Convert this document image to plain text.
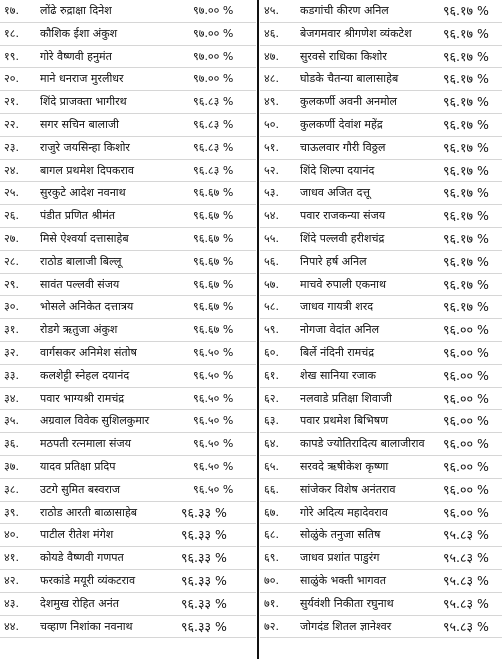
१७. लोंढे रुद्राक्षा दिनेश	९७.०० %
१८. कौशिक ईशा अंकुश	९७.०० %
१९. गोरे वैष्णवी हनुमंत	९७.०० %
२०. माने धनराज मुरलीधर	९७.०० %
२१. शिंदे प्राजक्ता भागीरथ	९६.८३ %
२२. सगर सचिन बालाजी	९६.८३ %
२३. राजुरे जयसिन्हा किशोर	९६.८३ %
२४. बागल प्रथमेश दिपकराव	९६.८३ %
२५. सुरकुटे आदेश नवनाथ	९६.६७ %
२६. पंडीत प्रणित श्रीमंत	९६.६७ %
२७. मिसे ऐश्वर्या दत्तासाहेब	९६.६७ %
२८. राठोड बालाजी बिल्लू	९६.६७ %
२९. सावंत पल्लवी संजय	९६.६७ %
३०. भोसले अनिकेत दत्तात्रय	९६.६७ %
३१. रोडगे ऋतुजा अंकुश	९६.६७ %
३२. वार्गसकर अनिमेश संतोष	९६.५० %
३३. कलशेट्टी स्नेहल दयानंद	९६.५० %
३४. पवार भाग्यश्री रामचंद्र	९६.५० %
३५. अग्रवाल विवेक सुशिलकुमार	९६.५० %
३६. मठपती रत्नमाला संजय	९६.५० %
३७. यादव प्रतिक्षा प्रदिप	९६.५० %
३८. उटगे सुमित बस्वराज	९६.५० %
३९. राठोड आरती बाळासाहेब	९६.३३ %
४०. पाटील रीतेश मंगेश	९६.३३ %
४१. कोयडे वैष्णवी गणपत	९६.३३ %
४२. फरकांडे मयूरी व्यंकटराव	९६.३३ %
४३. देशमुख रोहित अनंत	९६.३३ %
४४. चव्हाण निशांका नवनाथ	९६.३३ %
४५. कडगांची कीरण अनिल	९६.१७ %
४६. बेजगमवार श्रीगणेश व्यंकटेश	९६.१७ %
४७. सुरवसे राधिका किशोर	९६.१७ %
४८. घोडके चैतन्या बालासाहेब	९६.१७ %
४९. कुलकर्णी अवनी अनमोल	९६.१७ %
५०. कुलकर्णी देवांश महेंद्र	९६.१७ %
५१. चाऊलवार गौरी विठ्ठल	९६.१७ %
५२. शिंदे शिल्पा दयानंद	९६.१७ %
५३. जाधव अजित दत्तू	९६.१७ %
५४. पवार राजकन्या संजय	९६.१७ %
५५. शिंदे पल्लवी हरीशचंद्र	९६.१७ %
५६. निपारे हर्ष अनिल	९६.१७ %
५७. माचवे रुपाली एकनाथ	९६.१७ %
५८. जाधव गायत्री शरद	९६.१७ %
५९. नोगजा वेदांत अनिल	९६.०० %
६०. बिर्ले नंदिनी रामचंद्र	९६.०० %
६१. शेख सानिया रजाक	९६.०० %
६२. नलवाडे प्रतिक्षा शिवाजी	९६.०० %
६३. पवार प्रथमेश बिभिषण	९६.०० %
६४. कापडे ज्योतिरादित्य बालाजीराव ९६.०० %
६५. सरवदे ऋषीकेश कृष्णा	९६.०० %
६६. सांजेकर विशेष अनंतराव	९६.०० %
६७. गोरे अदित्य महादेवराव	९६.०० %
६८. सोळुंके तनुजा सतिष	९५.८३ %
६९. जाधव प्रशांत पाडुरंग	९५.८३ %
७०. साळुंके भक्ती भागवत	९५.८३ %
७१. सुर्यवंशी निकीता रघुनाथ	९५.८३ %
७२. जोगदंड शितल ज्ञानेश्वर	९५.८३ %
